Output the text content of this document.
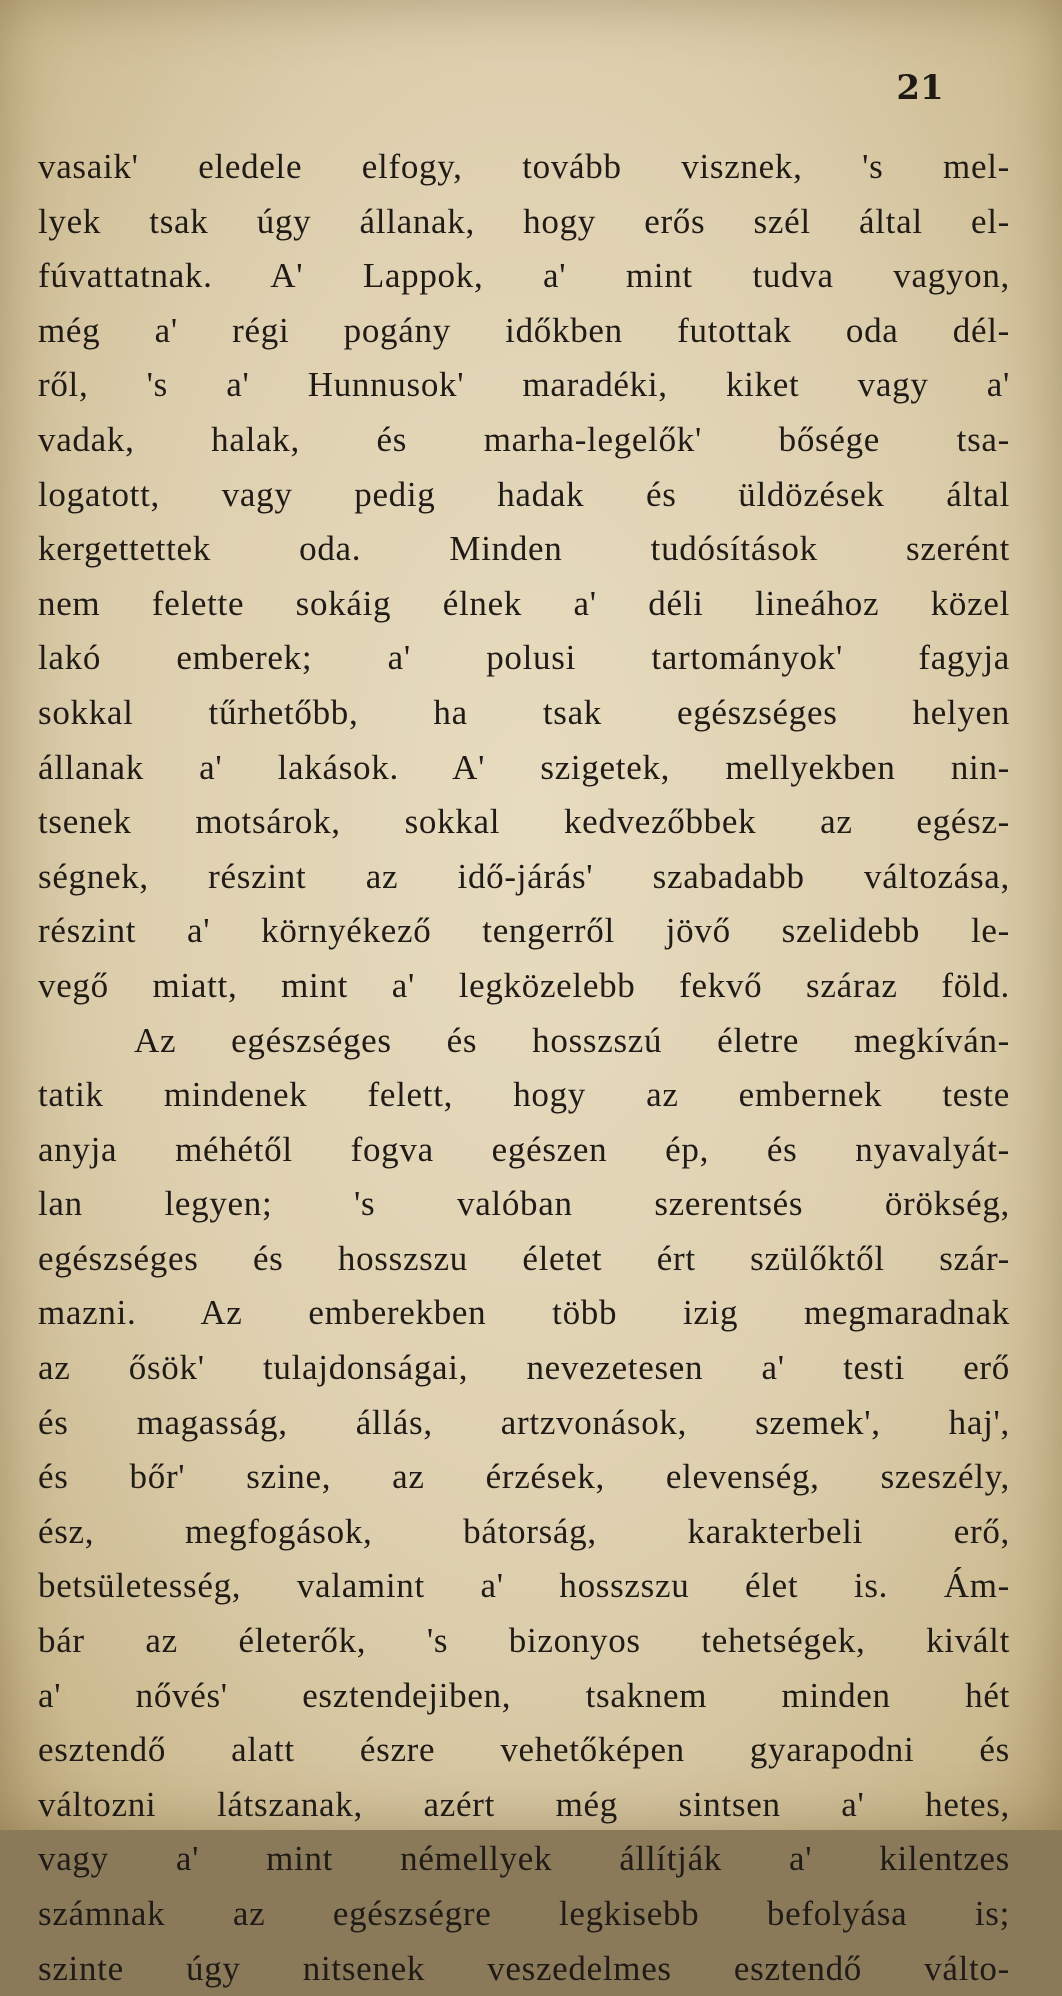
21
vasaik' eledele elfogy, tovább visznek, 's mel-
lyek tsak úgy állanak, hogy erős szél által el-
fúvattatnak. A' Lappok, a' mint tudva vagyon,
még a' régi pogány időkben futottak oda dél-
ről, 's a' Hunnusok' maradéki, kiket vagy a'
vadak, halak, és marha-legelők' bősége tsa-
logatott, vagy pedig hadak és üldözések által
kergettettek oda. Minden tudósítások szerént
nem felette sokáig élnek a' déli lineához közel
lakó emberek; a' polusi tartományok' fagyja
sokkal tűrhetőbb, ha tsak egészséges helyen
állanak a' lakások. A' szigetek, mellyekben nin-
tsenek motsárok, sokkal kedvezőbbek az egész-
ségnek, részint az idő-járás' szabadabb változása,
részint a' környékező tengerről jövő szelidebb le-
vegő miatt, mint a' legközelebb fekvő száraz föld.
Az egészséges és hosszszú életre megkíván-
tatik mindenek felett, hogy az embernek teste
anyja méhétől fogva egészen ép, és nyavalyát-
lan legyen; 's valóban szerentsés örökség,
egészséges és hosszszu életet ért szülőktől szár-
mazni. Az emberekben több izig megmaradnak
az ősök' tulajdonságai, nevezetesen a' testi erő
és magasság, állás, artzvonások, szemek', haj',
és bőr' szine, az érzések, elevenség, szeszély,
ész, megfogások, bátorság, karakterbeli erő,
betsületesség, valamint a' hosszszu élet is. Ám-
bár az életerők, 's bizonyos tehetségek, kivált
a' nővés' esztendejiben, tsaknem minden hét
esztendő alatt észre vehetőképen gyarapodni és
változni látszanak, azért még sintsen a' hetes,
vagy a' mint némellyek állítják a' kilentzes
számnak az egészségre legkisebb befolyása is;
szinte úgy nitsenek veszedelmes esztendő válto-
